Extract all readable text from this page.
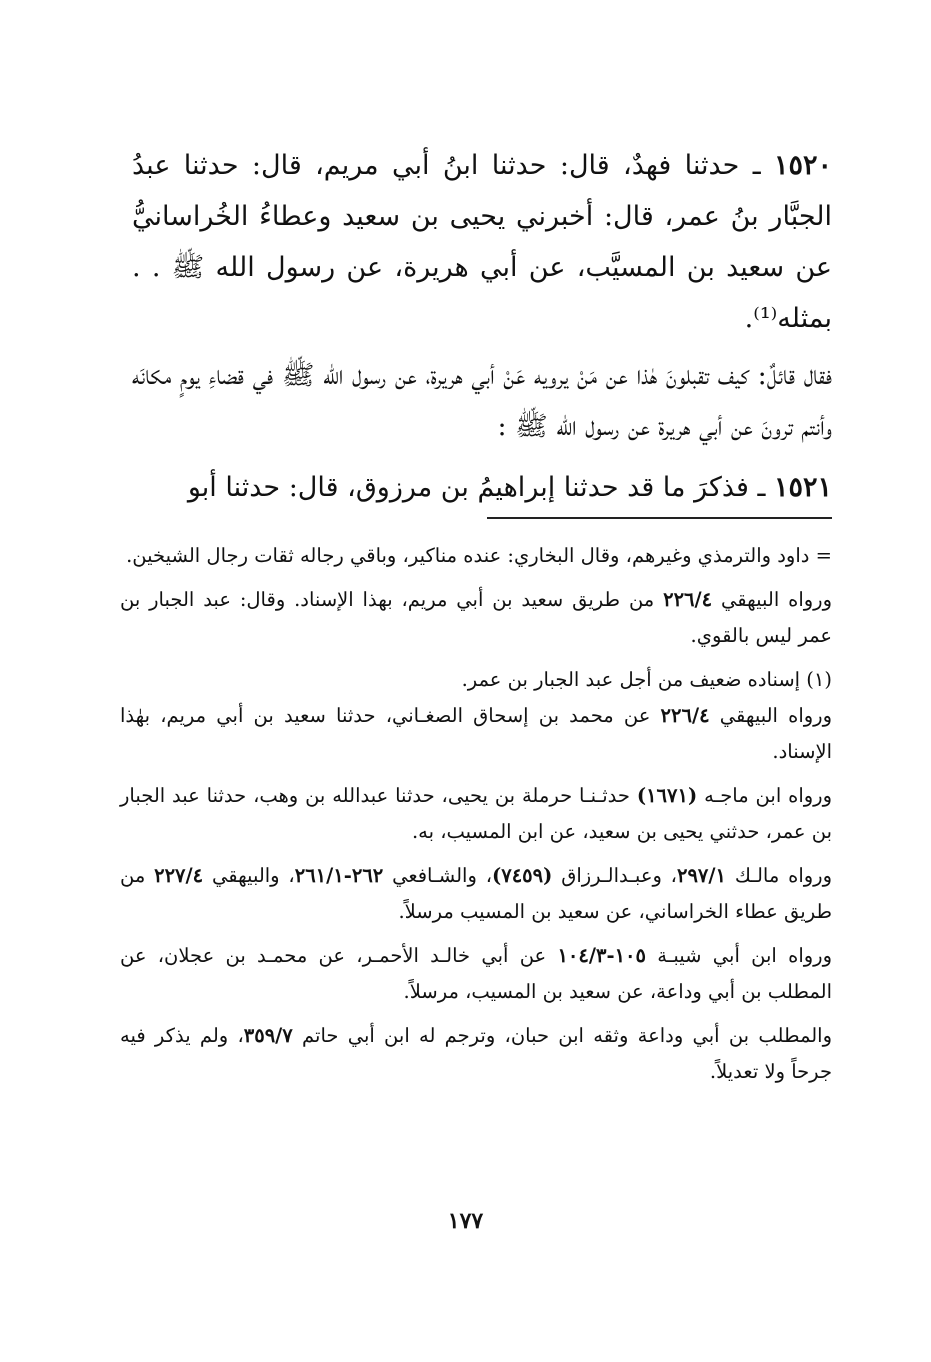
١٥٢٠ ـ حدثنا فهدٌ، قال: حدثنا ابنُ أبي مريم، قال: حدثنا عبدُ الجبَّار بنُ عمر، قال: أخبرني يحيى بن سعيد وعطاءُ الخُراسانيُّ عن سعيد بن المسيَّب، عن أبي هريرة، عن رسول الله ﷺ . . بمثله⁽¹⁾.

فقال قائلٌ: كيف تقبلونَ هٰذا عن مَنْ يرويه عَنْ أبي هريرة، عن رسول الله ﷺ في قضاءِ يومٍ مكانَه وأنتم ترونَ عن أبي هريرة عن رسول الله ﷺ :

١٥٢١ ـ فذكرَ ما قد حدثنا إبراهيمُ بن مرزوق، قال: حدثنا أبو

= داود والترمذي وغيرهم، وقال البخاري: عنده مناكير، وباقي رجاله ثقات رجال الشيخين.

ورواه البيهقي ٢٢٦/٤ من طريق سعيد بن أبي مريم، بهذا الإسناد. وقال: عبد الجبار بن عمر ليس بالقوي.

(١) إسناده ضعيف من أجل عبد الجبار بن عمر.

ورواه البيهقي ٢٢٦/٤ عن محمد بن إسحاق الصغـاني، حدثنا سعيد بن أبي مريم، بهٰذا الإسناد.

ورواه ابن ماجـه (١٦٧١) حدثـنـا حرملة بن يحيى، حدثنا عبدالله بن وهب، حدثنا عبد الجبار بن عمر، حدثني يحيى بن سعيد، عن ابن المسيب، به.

ورواه مالـك ٢٩٧/١، وعبـدالـرزاق (٧٤٥٩)، والشـافعي ٢٦٢-٢٦١/١، والبيهقي ٢٢٧/٤ من طريق عطاء الخراساني، عن سعيد بن المسيب مرسلاً.

ورواه ابن أبي شيبـة ١٠٥-١٠٤/٣ عن أبي خالـد الأحمـر، عن محمـد بن عجلان، عن المطلب بن أبي وداعة، عن سعيد بن المسيب، مرسلاً.

والمطلب بن أبي وداعة وثقه ابن حبان، وترجم له ابن أبي حاتم ٣٥٩/٧، ولم يذكر فيه جرحاً ولا تعديلاً.

١٧٧
